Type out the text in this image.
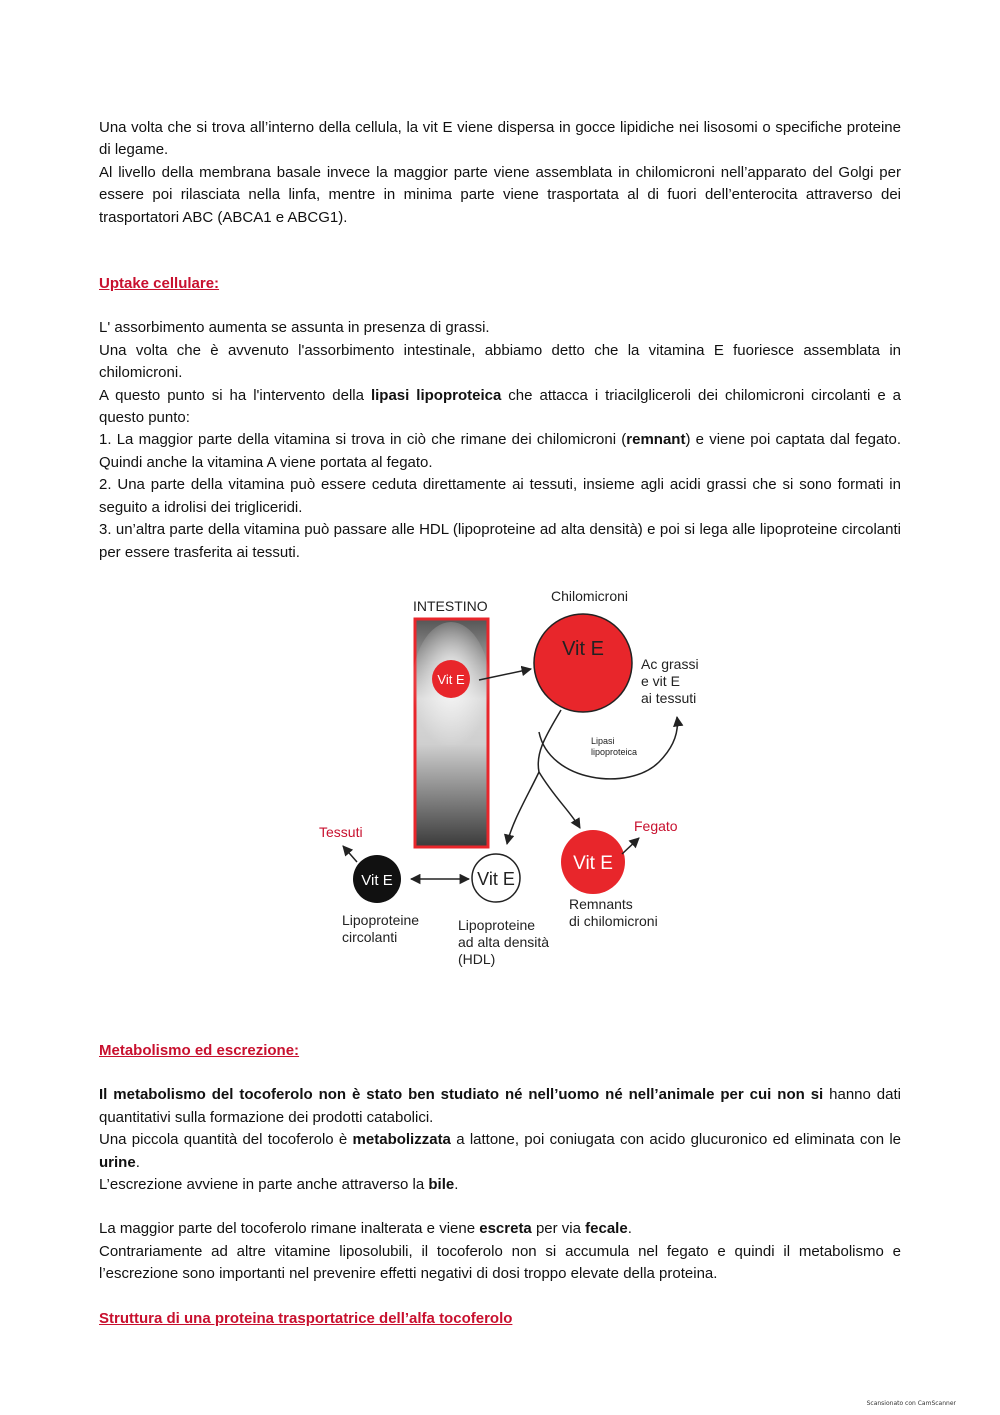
Una volta che si trova all’interno della cellula, la vit E viene dispersa in gocce lipidiche nei lisosomi o specifiche proteine di legame.

Al livello della membrana basale invece la maggior parte viene assemblata in chilomicroni nell’apparato del Golgi per essere poi rilasciata nella linfa, mentre in minima parte viene trasportata al di fuori dell’enterocita attraverso dei trasportatori ABC (ABCA1 e ABCG1).

Uptake cellulare:

L' assorbimento aumenta se assunta in presenza di grassi.

Una volta che è avvenuto l'assorbimento intestinale, abbiamo detto che la vitamina E fuoriesce assemblata in chilomicroni.

A questo punto si ha l'intervento della lipasi lipoproteica che attacca i triacilgliceroli dei chilomicroni circolanti e a questo punto:

1. La maggior parte della vitamina si trova in ciò che rimane dei chilomicroni (remnant) e viene poi captata dal fegato. Quindi anche la vitamina A viene portata al fegato.

2. Una parte della vitamina può essere ceduta direttamente ai tessuti, insieme agli acidi grassi che si sono formati in seguito a idrolisi dei trigliceridi.

3. un’altra parte della vitamina può passare alle HDL (lipoproteine ad alta densità) e poi si lega alle lipoproteine circolanti per essere trasferita ai tessuti.

INTESTINO
Vit E
Chilomicroni
Vit E
Ac grassi
e vit E
ai tessuti
Lipasi
lipoproteica
Tessuti
Vit E
Lipoproteine
circolanti
Vit E
Lipoproteine
ad alta densità
(HDL)
Vit E
Remnants
di chilomicroni
Fegato
Metabolismo ed escrezione:

Il metabolismo del tocoferolo non è stato ben studiato né nell’uomo né nell’animale per cui non si hanno dati quantitativi sulla formazione dei prodotti catabolici.

Una piccola quantità del tocoferolo è metabolizzata a lattone, poi coniugata con acido glucuronico ed eliminata con le urine.

L’escrezione avviene in parte anche attraverso la bile.

La maggior parte del tocoferolo rimane inalterata e viene escreta per via fecale.

Contrariamente ad altre vitamine liposolubili, il tocoferolo non si accumula nel fegato e quindi il metabolismo e l’escrezione sono importanti nel prevenire effetti negativi di dosi troppo elevate della proteina.

Struttura di una proteina trasportatrice dell’alfa tocoferolo
Scansionato con CamScanner
